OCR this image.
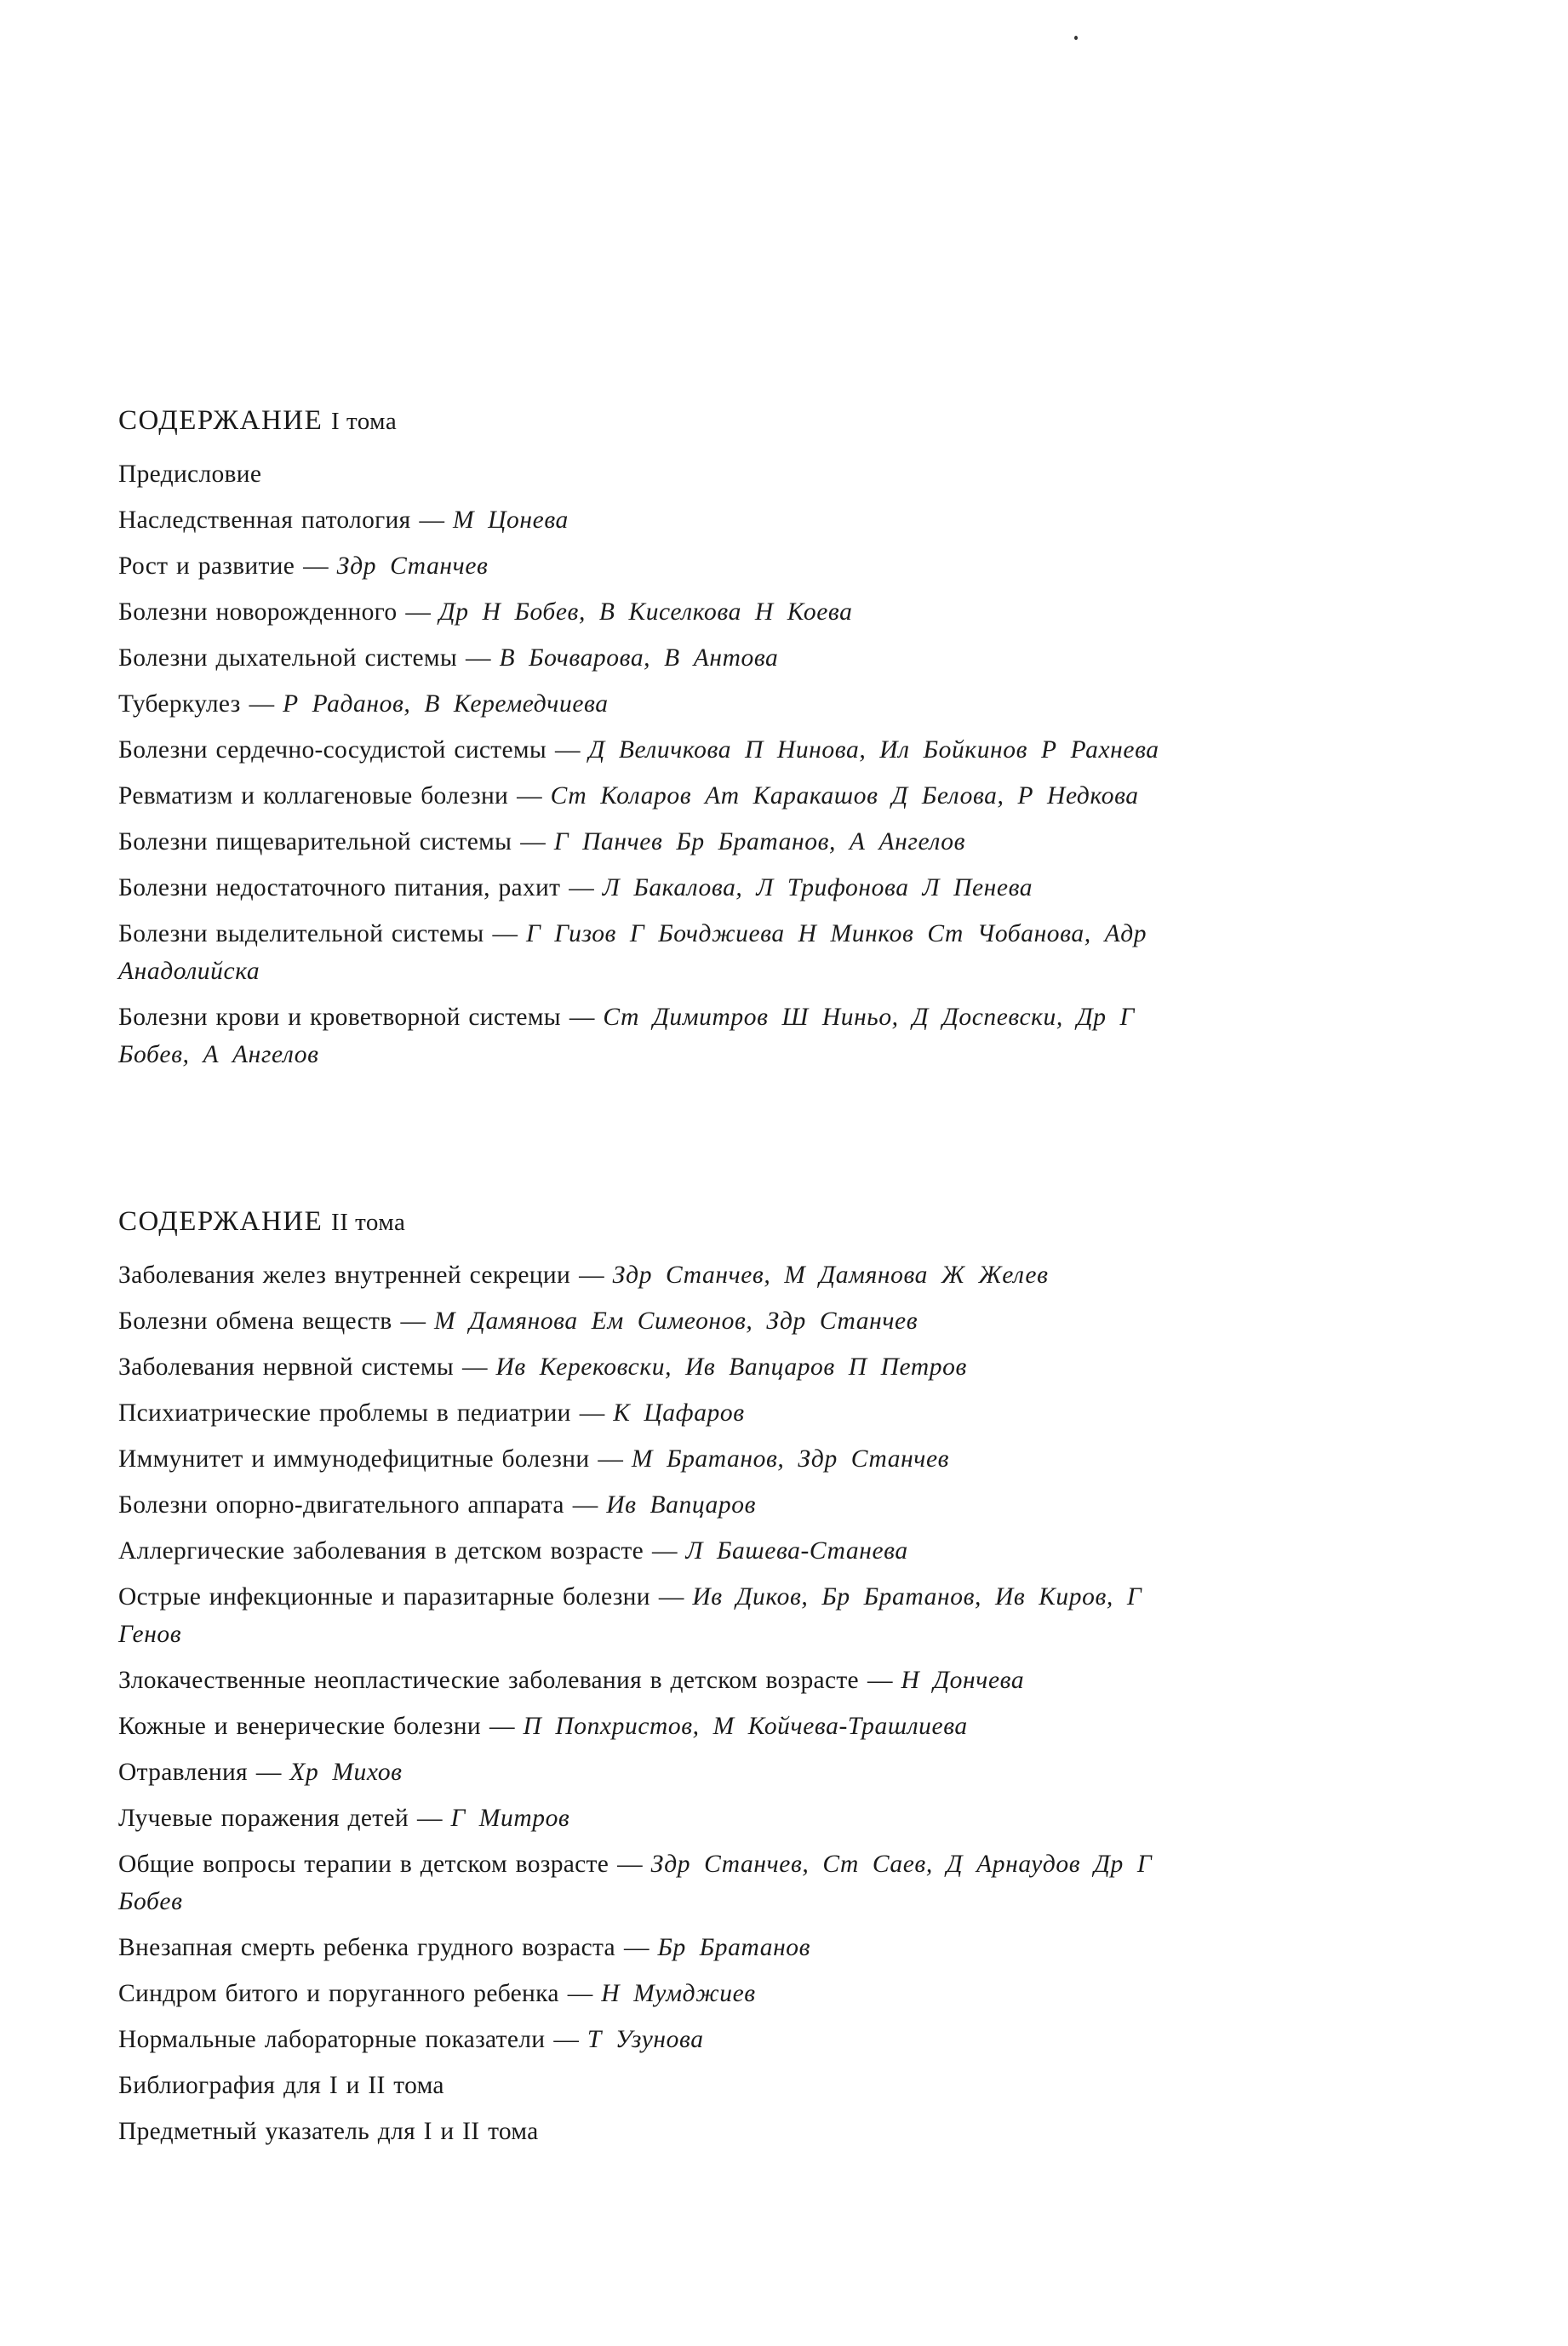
СОДЕРЖАНИЕ I тома
Предисловие
Наследственная патология — М Цонева
Рост и развитие — Здр Станчев
Болезни новорожденного — Др Н Бобев, В Киселкова Н Коева
Болезни дыхательной системы — В Бочварова, В Антова
Туберкулез — Р Раданов, В Керемедчиева
Болезни сердечно-сосудистой системы — Д Величкова П Нинова, Ил Бойкинов Р Рахнева
Ревматизм и коллагеновые болезни — Ст Коларов Ат Каракашов Д Белова, Р Недкова
Болезни пищеварительной системы — Г Панчев Бр Братанов, А Ангелов
Болезни недостаточного питания, рахит — Л Бакалова, Л Трифонова Л Пенева
Болезни выделительной системы — Г Гизов Г Бочджиева Н Минков Ст Чобанова, Адр Анадолийска
Болезни крови и кроветворной системы — Ст Димитров Ш Ниньо, Д Доспевски, Др Г Бобев, А Ангелов
СОДЕРЖАНИЕ II тома
Заболевания желез внутренней секреции — Здр Станчев, М Дамянова Ж Желев
Болезни обмена веществ — М Дамянова Ем Симеонов, Здр Станчев
Заболевания нервной системы — Ив Керековски, Ив Вапцаров П Петров
Психиатрические проблемы в педиатрии — К Цафаров
Иммунитет и иммунодефицитные болезни — М Братанов, Здр Станчев
Болезни опорно-двигательного аппарата — Ив Вапцаров
Аллергические заболевания в детском возрасте — Л Башева-Станева
Острые инфекционные и паразитарные болезни — Ив Диков, Бр Братанов, Ив Киров, Г Генов
Злокачественные неопластические заболевания в детском возрасте — Н Дончева
Кожные и венерические болезни — П Попхристов, М Койчева-Трашлиева
Отравления — Хр Михов
Лучевые поражения детей — Г Митров
Общие вопросы терапии в детском возрасте — Здр Станчев, Ст Саев, Д Арнаудов Др Г Бобев
Внезапная смерть ребенка грудного возраста — Бр Братанов
Синдром битого и поруганного ребенка — Н Мумджиев
Нормальные лабораторные показатели — Т Узунова
Библиография для I и II тома
Предметный указатель для I и II тома
